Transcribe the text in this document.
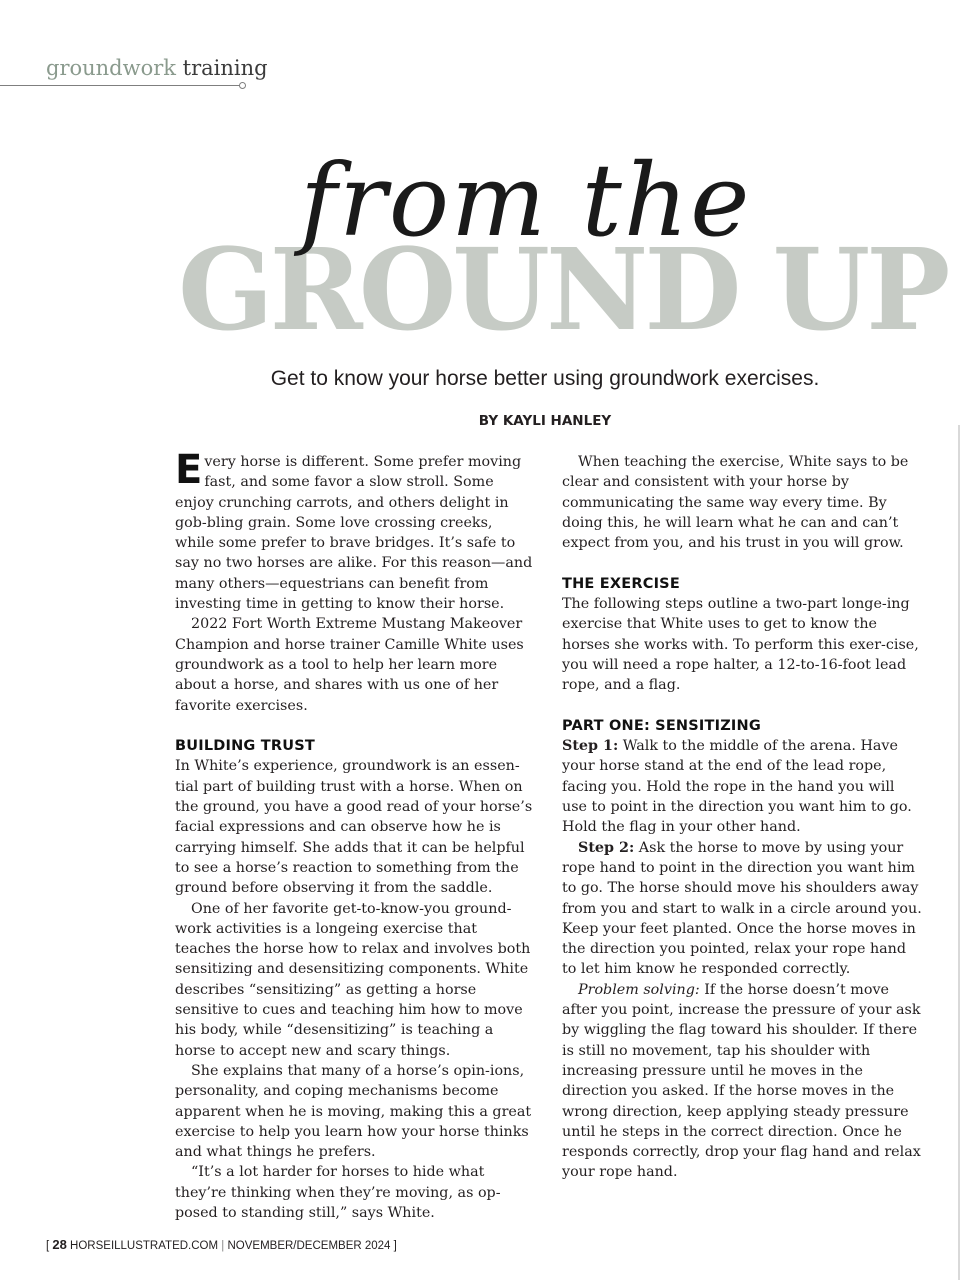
groundwork training
GROUND UP
from the
Get to know your horse better using groundwork exercises.
BY KAYLI HANLEY

Every horse is different. Some prefer moving fast, and some favor a slow stroll. Some enjoy crunching carrots, and others delight in gob-bling grain. Some love crossing creeks, while some prefer to brave bridges. It’s safe to say no two horses are alike. For this reason—and many others—equestrians can benefit from investing time in getting to know their horse.

2022 Fort Worth Extreme Mustang Makeover Champion and horse trainer Camille White uses groundwork as a tool to help her learn more about a horse, and shares with us one of her favorite exercises.

BUILDING TRUST

In White’s experience, groundwork is an essen-tial part of building trust with a horse. When on the ground, you have a good read of your horse’s facial expressions and can observe how he is carrying himself. She adds that it can be helpful to see a horse’s reaction to something from the ground before observing it from the saddle.

One of her favorite get-to-know-you ground-work activities is a longeing exercise that teaches the horse how to relax and involves both sensitizing and desensitizing components. White describes “sensitizing” as getting a horse sensitive to cues and teaching him how to move his body, while “desensitizing” is teaching a horse to accept new and scary things.

She explains that many of a horse’s opin-ions, personality, and coping mechanisms become apparent when he is moving, making this a great exercise to help you learn how your horse thinks and what things he prefers.

“It’s a lot harder for horses to hide what they’re thinking when they’re moving, as op-posed to standing still,” says White.

When teaching the exercise, White says to be clear and consistent with your horse by communicating the same way every time. By doing this, he will learn what he can and can’t expect from you, and his trust in you will grow.

THE EXERCISE

The following steps outline a two-part longe-ing exercise that White uses to get to know the horses she works with. To perform this exer-cise, you will need a rope halter, a 12-to-16-foot lead rope, and a flag.

PART ONE: SENSITIZING

Step 1: Walk to the middle of the arena. Have your horse stand at the end of the lead rope, facing you. Hold the rope in the hand you will use to point in the direction you want him to go. Hold the flag in your other hand.

Step 2: Ask the horse to move by using your rope hand to point in the direction you want him to go. The horse should move his shoulders away from you and start to walk in a circle around you. Keep your feet planted. Once the horse moves in the direction you pointed, relax your rope hand to let him know he responded correctly.

Problem solving: If the horse doesn’t move after you point, increase the pressure of your ask by wiggling the flag toward his shoulder. If there is still no movement, tap his shoulder with increasing pressure until he moves in the direction you asked. If the horse moves in the wrong direction, keep applying steady pressure until he steps in the correct direction. Once he responds correctly, drop your flag hand and relax your rope hand.

[ 28 HORSEILLUSTRATED.COM | NOVEMBER/DECEMBER 2024 ]
